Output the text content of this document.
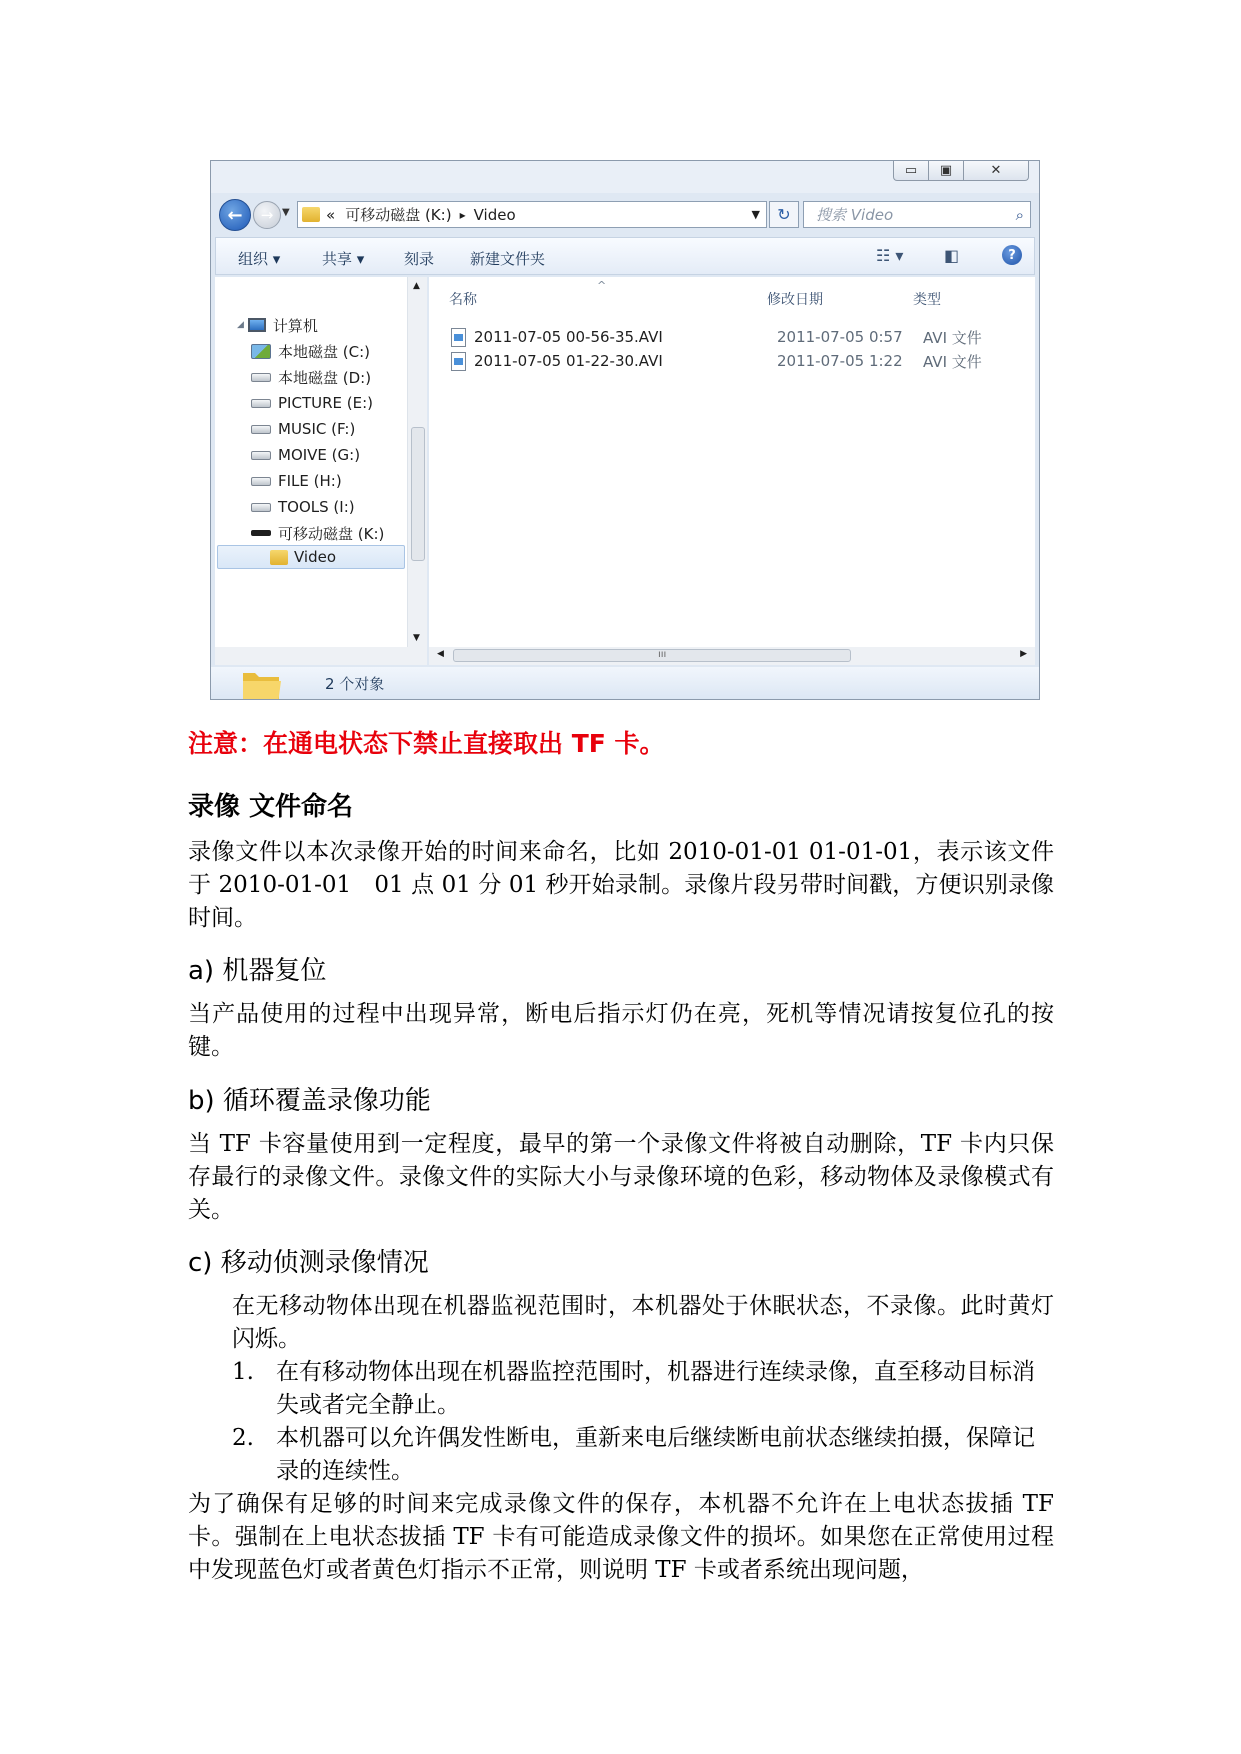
▭	▣	✕
←	→ ▼ « 可移动磁盘 (K:) ▸ Video	▼	↻	搜索 Video	⌕
组织 ▾	共享 ▾	刻录 新建文件夹	☷ ▾	◧	?
◢ 计算机
本地磁盘 (C:)
本地磁盘 (D:)
PICTURE (E:)
MUSIC (F:)
MOIVE (G:)
FILE (H:)
TOOLS (I:)
可移动磁盘 (K:)
Video
▲
▼
名称
^
修改日期	类型
2011-07-05 00-56-35.AVI	2011-07-05 0:57 AVI 文件
2011-07-05 01-22-30.AVI	2011-07-05 1:22 AVI 文件
◀	ııı	▶
2 个对象
注意：在通电状态下禁止直接取出 TF 卡。
录像 文件命名
录像文件以本次录像开始的时间来命名，比如 2010-01-01 01-01-01，表示该文件于 2010-01-01　01 点 01 分 01 秒开始录制。录像片段另带时间戳，方便识别录像时间。
a) 机器复位
当产品使用的过程中出现异常，断电后指示灯仍在亮，死机等情况请按复位孔的按键。
b) 循环覆盖录像功能
当 TF 卡容量使用到一定程度，最早的第一个录像文件将被自动删除，TF 卡内只保存最行的录像文件。录像文件的实际大小与录像环境的色彩，移动物体及录像模式有关。
c) 移动侦测录像情况
在无移动物体出现在机器监视范围时，本机器处于休眠状态，不录像。此时黄灯闪烁。
1. 在有移动物体出现在机器监控范围时，机器进行连续录像，直至移动目标消失或者完全静止。
2. 本机器可以允许偶发性断电，重新来电后继续断电前状态继续拍摄，保障记录的连续性。
为了确保有足够的时间来完成录像文件的保存，本机器不允许在上电状态拔插 TF 卡。强制在上电状态拔插 TF 卡有可能造成录像文件的损坏。如果您在正常使用过程中发现蓝色灯或者黄色灯指示不正常，则说明 TF 卡或者系统出现问题，
